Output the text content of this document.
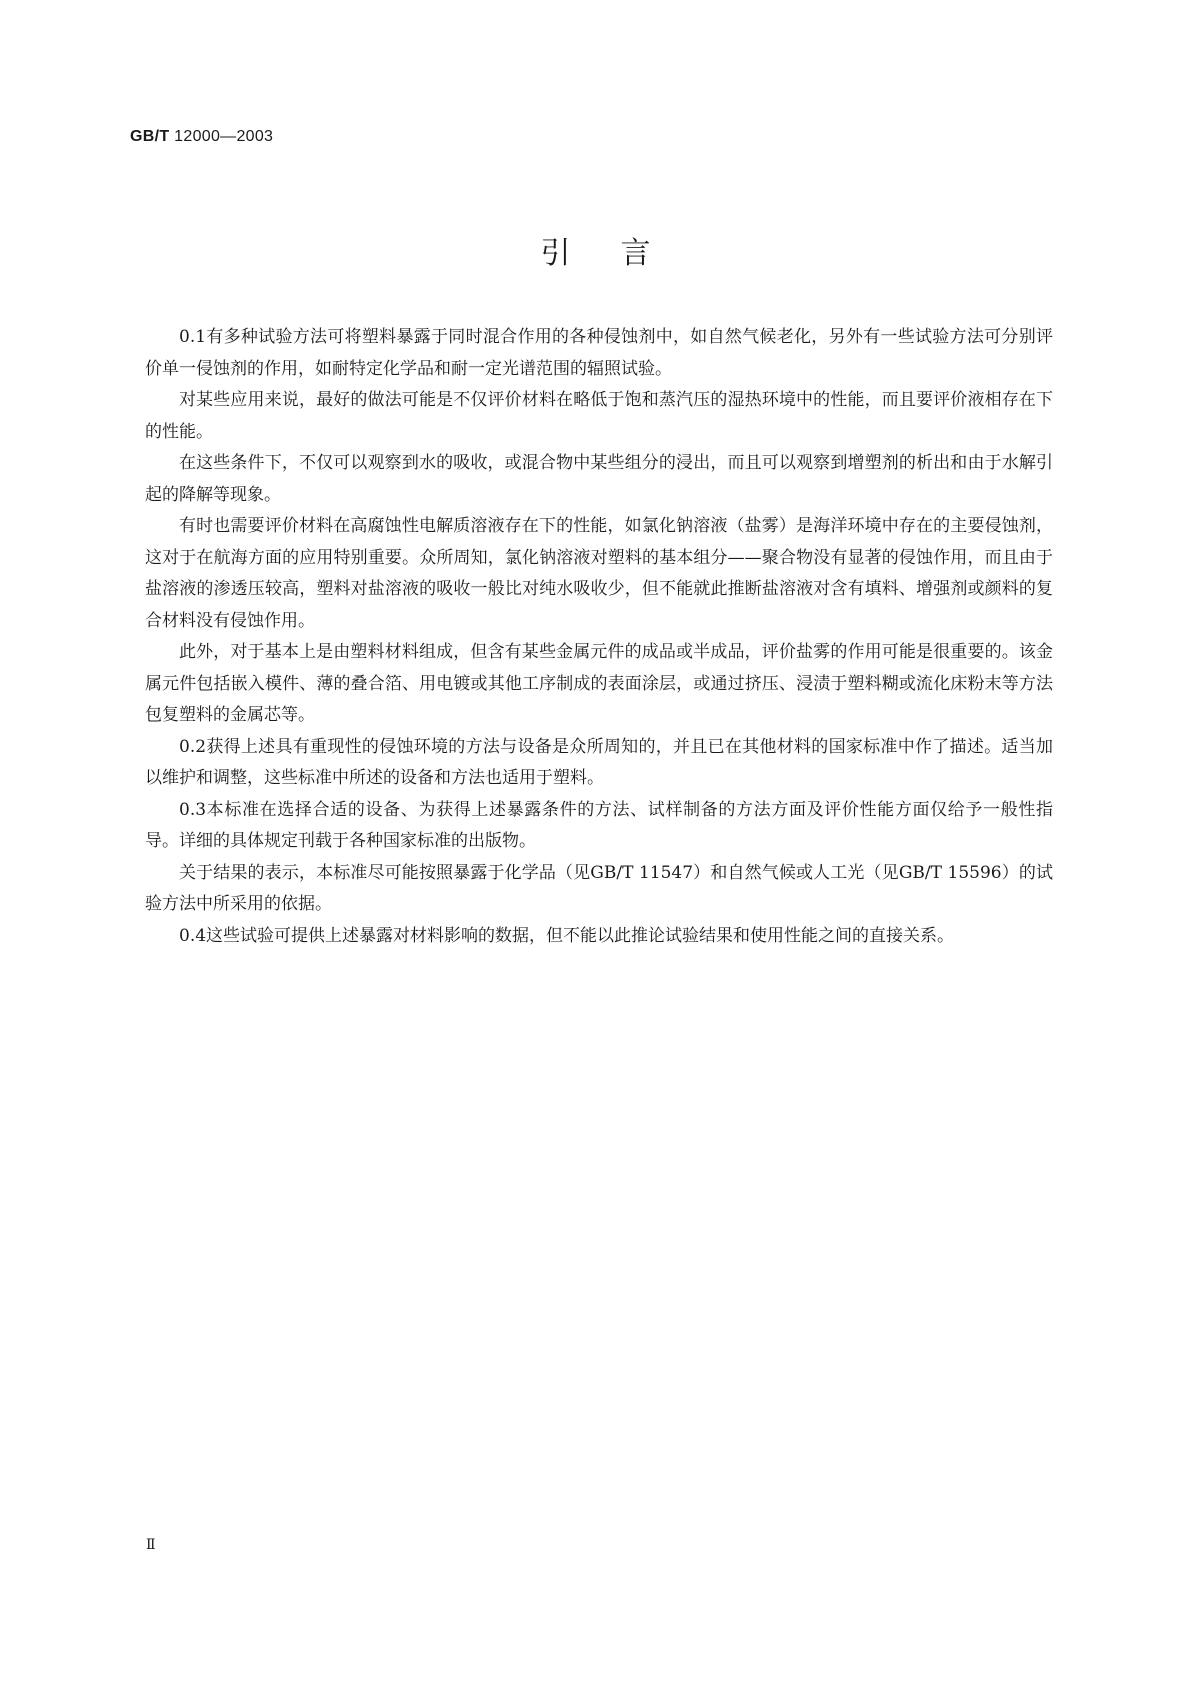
GB/T 12000—2003
引言

0.1有多种试验方法可将塑料暴露于同时混合作用的各种侵蚀剂中，如自然气候老化，另外有一些试验方法可分别评价单一侵蚀剂的作用，如耐特定化学品和耐一定光谱范围的辐照试验。

对某些应用来说，最好的做法可能是不仅评价材料在略低于饱和蒸汽压的湿热环境中的性能，而且要评价液相存在下的性能。

在这些条件下，不仅可以观察到水的吸收，或混合物中某些组分的浸出，而且可以观察到增塑剂的析出和由于水解引起的降解等现象。

有时也需要评价材料在高腐蚀性电解质溶液存在下的性能，如氯化钠溶液（盐雾）是海洋环境中存在的主要侵蚀剂，这对于在航海方面的应用特别重要。众所周知，氯化钠溶液对塑料的基本组分——聚合物没有显著的侵蚀作用，而且由于盐溶液的渗透压较高，塑料对盐溶液的吸收一般比对纯水吸收少，但不能就此推断盐溶液对含有填料、增强剂或颜料的复合材料没有侵蚀作用。

此外，对于基本上是由塑料材料组成，但含有某些金属元件的成品或半成品，评价盐雾的作用可能是很重要的。该金属元件包括嵌入模件、薄的叠合箔、用电镀或其他工序制成的表面涂层，或通过挤压、浸渍于塑料糊或流化床粉末等方法包复塑料的金属芯等。

0.2获得上述具有重现性的侵蚀环境的方法与设备是众所周知的，并且已在其他材料的国家标准中作了描述。适当加以维护和调整，这些标准中所述的设备和方法也适用于塑料。

0.3本标准在选择合适的设备、为获得上述暴露条件的方法、试样制备的方法方面及评价性能方面仅给予一般性指导。详细的具体规定刊载于各种国家标准的出版物。

关于结果的表示，本标准尽可能按照暴露于化学品（见GB/T 11547）和自然气候或人工光（见GB/T 15596）的试验方法中所采用的依据。

0.4这些试验可提供上述暴露对材料影响的数据，但不能以此推论试验结果和使用性能之间的直接关系。

Ⅱ
